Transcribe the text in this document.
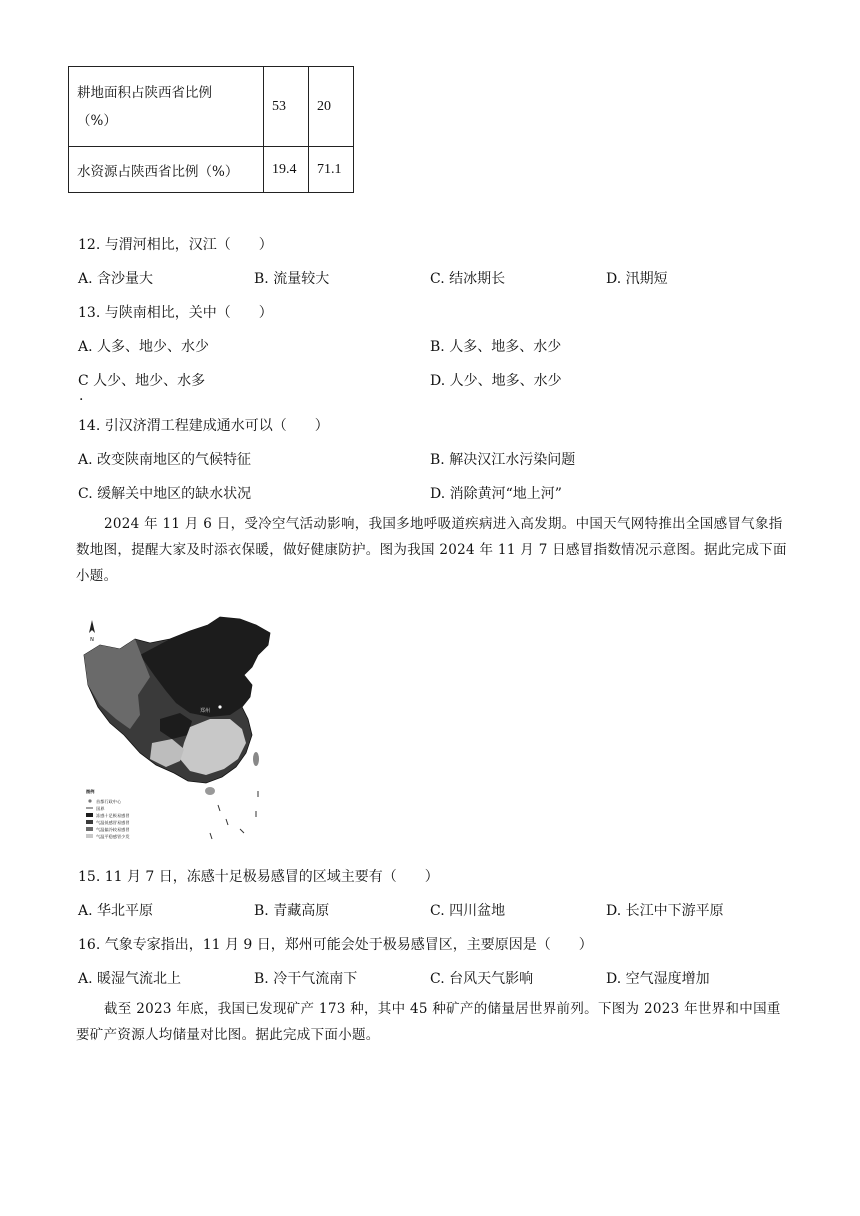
耕地面积占陕西省比例
（%）	53	20
水资源占陕西省比例（%）	19.4	71.1
12. 与渭河相比，汉江（　　）
A. 含沙量大	B. 流量较大	C. 结冰期长	D. 汛期短
13. 与陕南相比，关中（　　）
A. 人多、地少、水少	B. 人多、地多、水少
C 人少、地少、水多
·
D. 人少、地多、水少
14. 引汉济渭工程建成通水可以（　　）
A. 改变陕南地区的气候特征	B. 解决汉江水污染问题
C. 缓解关中地区的缺水状况	D. 消除黄河“地上河”
2024 年 11 月 6 日，受冷空气活动影响，我国多地呼吸道疾病进入高发期。中国天气网特推出全国感冒气象指数地图，提醒大家及时添衣保暖，做好健康防护。图为我国 2024 年 11 月 7 日感冒指数情况示意图。据此完成下面小题。
N
郑州
图例
首都行政中心
国界
冻感十足极易感冒
气温低感冒易感冒
气温偏冷较易感冒
气温平稳感冒少发
15. 11 月 7 日，冻感十足极易感冒的区域主要有（　　）
A. 华北平原	B. 青藏高原	C. 四川盆地	D. 长江中下游平原
16. 气象专家指出，11 月 9 日，郑州可能会处于极易感冒区，主要原因是（　　）
A. 暖湿气流北上	B. 冷干气流南下	C. 台风天气影响	D. 空气湿度增加
截至 2023 年底，我国已发现矿产 173 种，其中 45 种矿产的储量居世界前列。下图为 2023 年世界和中国重要矿产资源人均储量对比图。据此完成下面小题。
